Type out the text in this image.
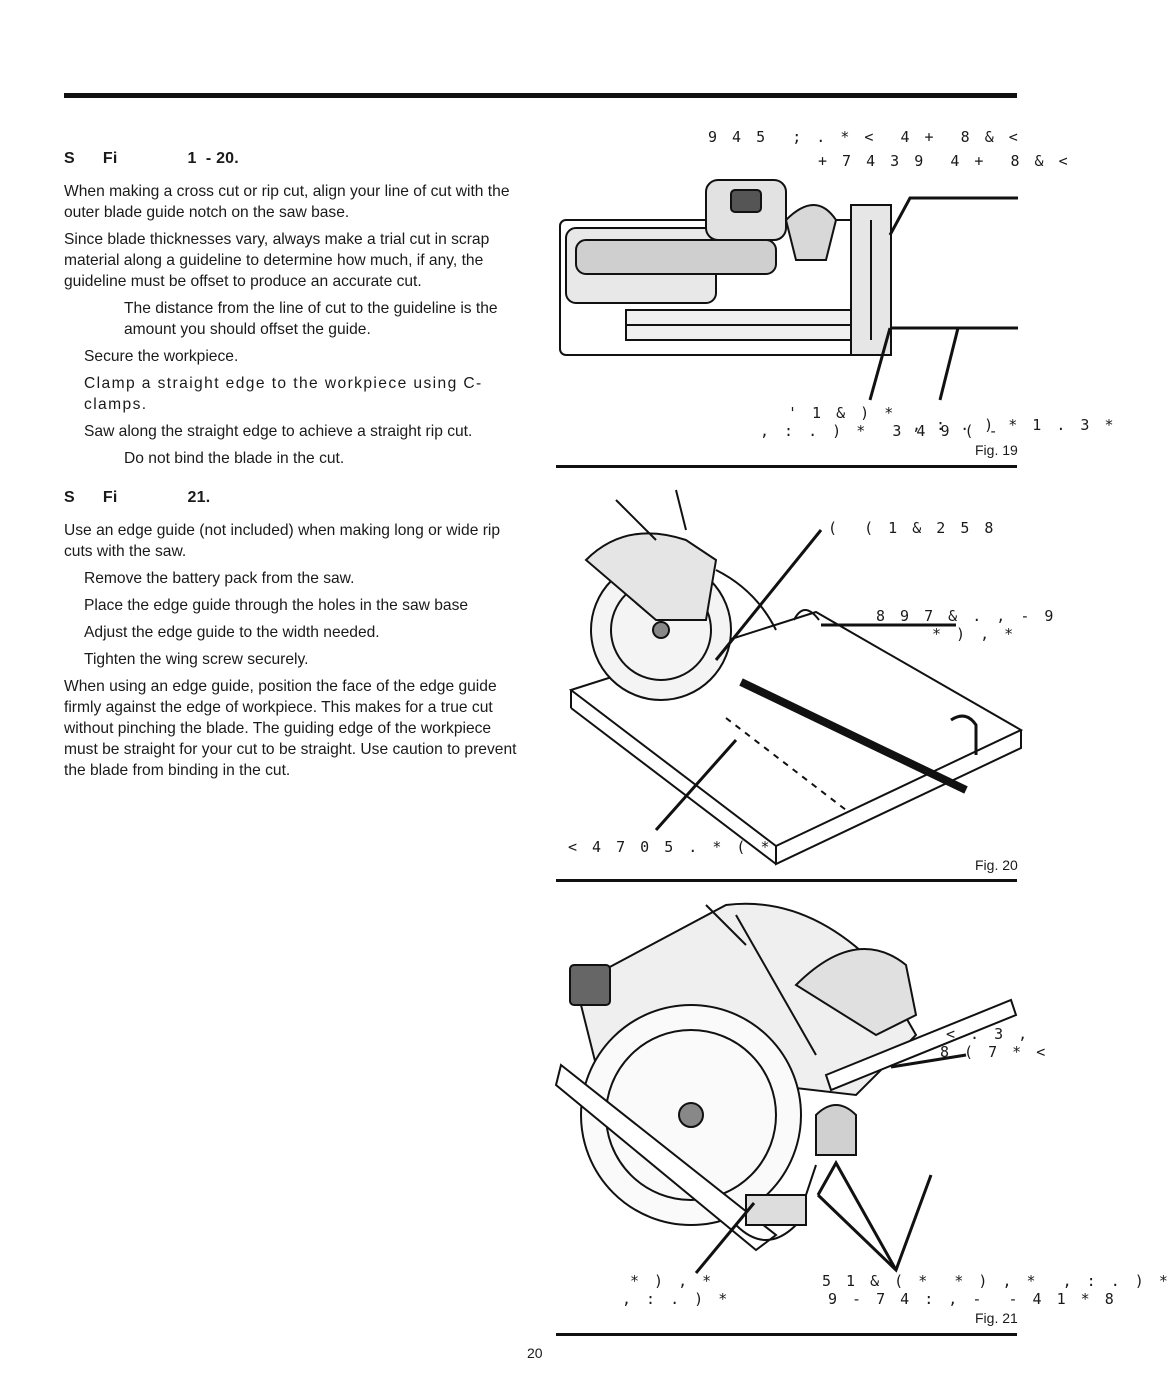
S Fi	1 - 20.

When making a cross cut or rip cut, align your line of cut with the outer blade guide notch on the saw base.

Since blade thicknesses vary, always make a trial cut in scrap material along a guideline to determine how much, if any, the guideline must be offset to produce an accurate cut.

The distance from the line of cut to the guideline is the amount you should offset the guide.

Secure the workpiece.

Clamp a straight edge to the workpiece using C-clamps.

Saw along the straight edge to achieve a straight rip cut.

Do not bind the blade in the cut.

S Fi	21.

Use an edge guide (not included) when making long or wide rip cuts with the saw.

Remove the battery pack from the saw.

Place the edge guide through the holes in the saw base

Adjust the edge guide to the width needed.

Tighten the wing screw securely.

When using an edge guide, position the face of the edge guide firmly against the edge of workpiece. This makes for a true cut without pinching the blade. The guiding edge of the workpiece must be straight for your cut to be straight. Use caution to prevent the blade from binding in the cut.

9 4 5  ; . * <  4 +  8 & <
+ 7 4 3 9  4 +  8 & <
' 1 & ) *
, : . ) *  3 4 9 ( -
, : . ) * 1 . 3 *
Fig. 19
(  ( 1 & 2 5 8
8 9 7 & . , - 9
* ) , *
< 4 7 0 5 . * ( *
Fig. 20
< . 3 ,
8 ( 7 * <
* ) , *
, : . ) *
5 1 & ( *  * ) , *  , : . ) *
9 - 7 4 : , -  - 4 1 * 8
Fig. 21
20
